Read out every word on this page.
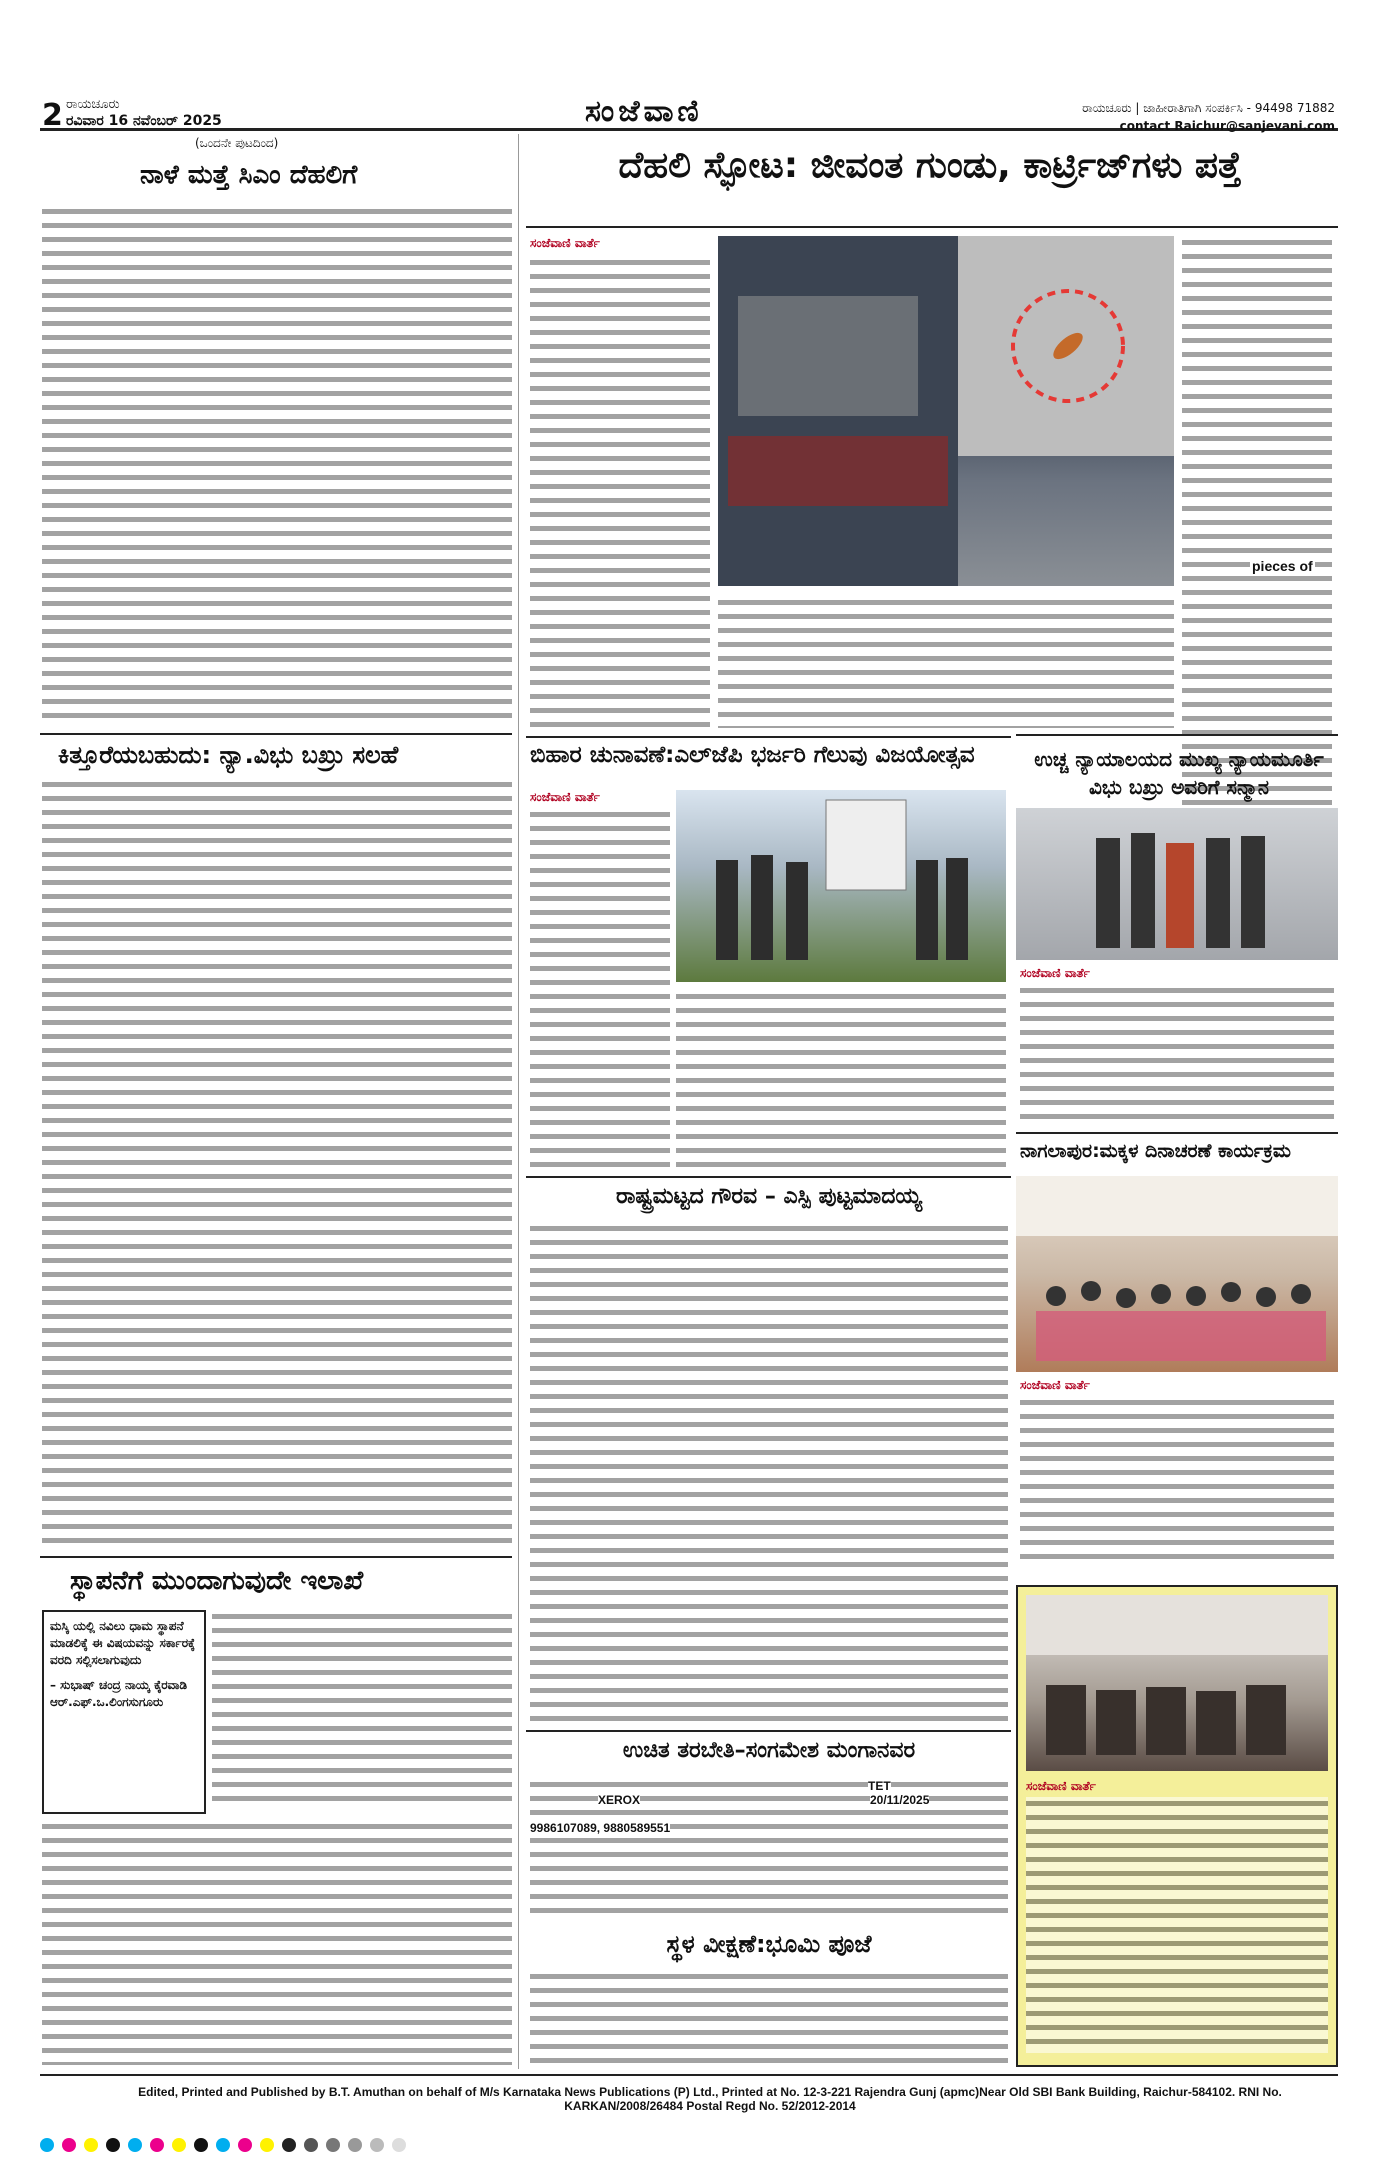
2 ರಾಯಚೂರು
ರವಿವಾರ 16 ನವೆಂಬರ್ 2025	ಸಂಜೆವಾಣಿ	ರಾಯಚೂರು | ಜಾಹೀರಾತಿಗಾಗಿ ಸಂಪರ್ಕಿಸಿ - 94498 71882
contact Raichur@sanjevani.com
(ಒಂದನೇ ಪುಟದಿಂದ)
ನಾಳೆ ಮತ್ತೆ ಸಿಎಂ ದೆಹಲಿಗೆ
ಕಿತ್ತೂರೆಯಬಹುದು: ನ್ಯಾ.ವಿಭು ಬಖ್ರು ಸಲಹೆ
ಸ್ಥಾಪನೆಗೆ ಮುಂದಾಗುವುದೇ ಇಲಾಖೆ
ಮಸ್ಕಿ ಯಲ್ಲಿ ನವಿಲು ಧಾಮ ಸ್ಥಾಪನೆ ಮಾಡಲಿಕ್ಕೆ ಈ ವಿಷಯವನ್ನು ಸರ್ಕಾರಕ್ಕೆ ವರದಿ ಸಲ್ಲಿಸಲಾಗುವುದು
– ಸುಭಾಷ್ ಚಂದ್ರ ನಾಯ್ಕ ಕೈರವಾಡಿ ಆರ್.ಎಫ್.ಒ.ಲಿಂಗಸುಗೂರು
ದೆಹಲಿ ಸ್ಫೋಟ: ಜೀವಂತ ಗುಂಡು, ಕಾರ್ಟ್ರಿಜ್‌ಗಳು ಪತ್ತೆ
ಸಂಜೆವಾಣಿ ವಾರ್ತೆ
pieces of
ಬಿಹಾರ ಚುನಾವಣೆ:ಎಲ್‌ಜೆಪಿ ಭರ್ಜರಿ ಗೆಲುವು ವಿಜಯೋತ್ಸವ
ಸಂಜೆವಾಣಿ ವಾರ್ತೆ
ಉಚ್ಚ ನ್ಯಾಯಾಲಯದ ಮುಖ್ಯ ನ್ಯಾಯಮೂರ್ತಿ ವಿಭು ಬಖ್ರು ಅವರಿಗೆ ಸನ್ಮಾನ
ಸಂಜೆವಾಣಿ ವಾರ್ತೆ
ರಾಷ್ಟ್ರಮಟ್ಟದ ಗೌರವ – ಎಸ್ಪಿ ಪುಟ್ಟಮಾದಯ್ಯ
ನಾಗಲಾಪುರ:ಮಕ್ಕಳ ದಿನಾಚರಣೆ ಕಾರ್ಯಕ್ರಮ
ಸಂಜೆವಾಣಿ ವಾರ್ತೆ
ಉಚಿತ ತರಬೇತಿ–ಸಂಗಮೇಶ ಮಂಗಾನವರ
TET
XEROX	20/11/2025
9986107089, 9880589551
ಸ್ಥಳ ವೀಕ್ಷಣೆ:ಭೂಮಿ ಪೂಜೆ
ಸಂಜೆವಾಣಿ ವಾರ್ತೆ
Edited, Printed and Published by B.T. Amuthan on behalf of M/s Karnataka News Publications (P) Ltd., Printed at No. 12-3-221 Rajendra Gunj (apmc)Near Old SBI Bank Building, Raichur-584102. RNI No. KARKAN/2008/26484 Postal Regd No. 52/2012-2014
